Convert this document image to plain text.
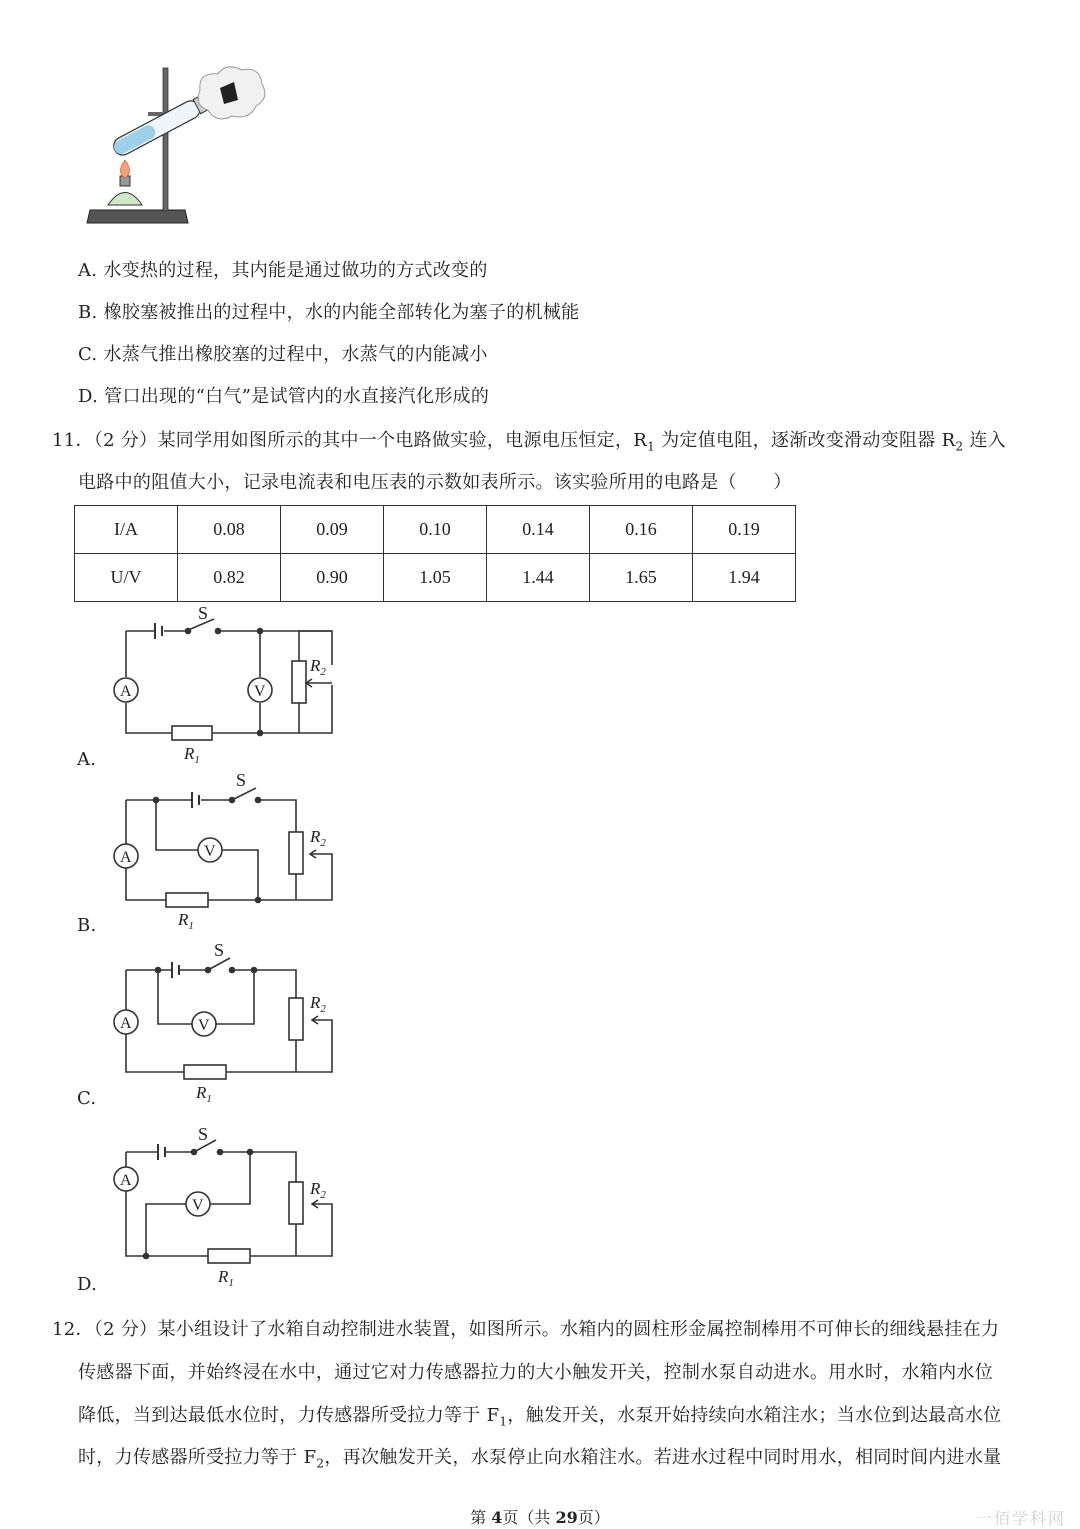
A. 水变热的过程，其内能是通过做功的方式改变的
B. 橡胶塞被推出的过程中，水的内能全部转化为塞子的机械能
C. 水蒸气推出橡胶塞的过程中，水蒸气的内能减小
D. 管口出现的“白气”是试管内的水直接汽化形成的
11．（2 分）某同学用如图所示的其中一个电路做实验，电源电压恒定，$R_1$ 为定值电阻，逐渐改变滑动变阻器 $R_2$ 连入
电路中的阻值大小，记录电流表和电压表的示数如表所示。该实验所用的电路是（　　）
I/A	0.08	0.09	0.10	0.14	0.16	0.19
U/V	0.82	0.90	1.05	1.44	1.65	1.94
S
A
$R_1$
V
$R_2$
A.
S
A
$R_1$
V
$R_2$
B.
S
A
$R_1$
V
$R_2$
C.
S
A
$R_1$
V
$R_2$
D.
12．（2 分）某小组设计了水箱自动控制进水装置，如图所示。水箱内的圆柱形金属控制棒用不可伸长的细线悬挂在力
传感器下面，并始终浸在水中，通过它对力传感器拉力的大小触发开关，控制水泵自动进水。用水时，水箱内水位
降低，当到达最低水位时，力传感器所受拉力等于 $F_1$，触发开关，水泵开始持续向水箱注水；当水位到达最高水位
时，力传感器所受拉力等于 $F_2$，再次触发开关，水泵停止向水箱注水。若进水过程中同时用水，相同时间内进水量
第 4页（共 29页）	一佰学科网
